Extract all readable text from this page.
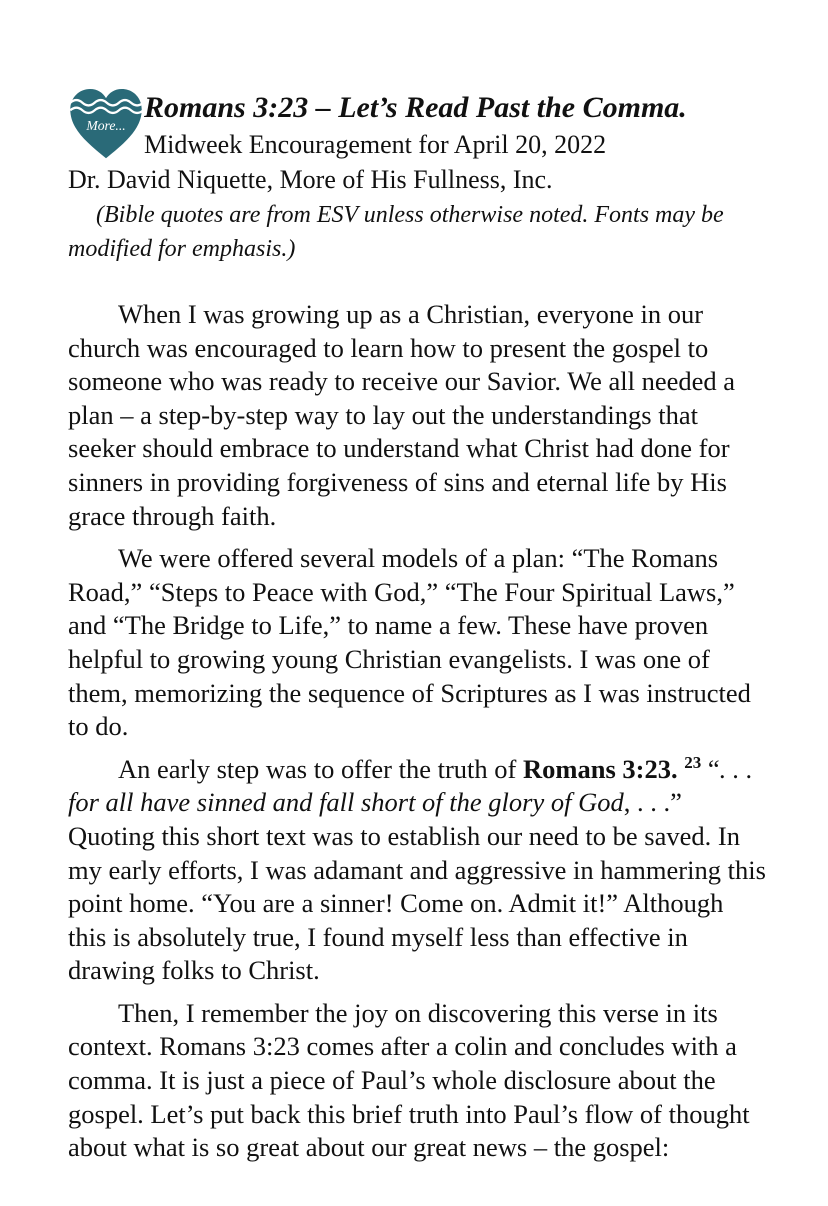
More...
Romans 3:23 – Let’s Read Past the Comma.
Midweek Encouragement for April 20, 2022
Dr. David Niquette, More of His Fullness, Inc.

(Bible quotes are from ESV unless otherwise noted. Fonts may be modified for emphasis.)

When I was growing up as a Christian, everyone in our church was encouraged to learn how to present the gospel to someone who was ready to receive our Savior. We all needed a plan – a step-by-step way to lay out the understandings that seeker should embrace to understand what Christ had done for sinners in providing forgiveness of sins and eternal life by His grace through faith.

We were offered several models of a plan: “The Romans Road,” “Steps to Peace with God,” “The Four Spiritual Laws,” and “The Bridge to Life,” to name a few. These have proven helpful to growing young Christian evangelists. I was one of them, memorizing the sequence of Scriptures as I was instructed to do.

An early step was to offer the truth of Romans 3:23. $^{23}$ “. . . for all have sinned and fall short of the glory of God, . . .” Quoting this short text was to establish our need to be saved. In my early efforts, I was adamant and aggressive in hammering this point home. “You are a sinner! Come on. Admit it!” Although this is absolutely true, I found myself less than effective in drawing folks to Christ.

Then, I remember the joy on discovering this verse in its context. Romans 3:23 comes after a colin and concludes with a comma. It is just a piece of Paul’s whole disclosure about the gospel. Let’s put back this brief truth into Paul’s flow of thought about what is so great about our great news – the gospel:
